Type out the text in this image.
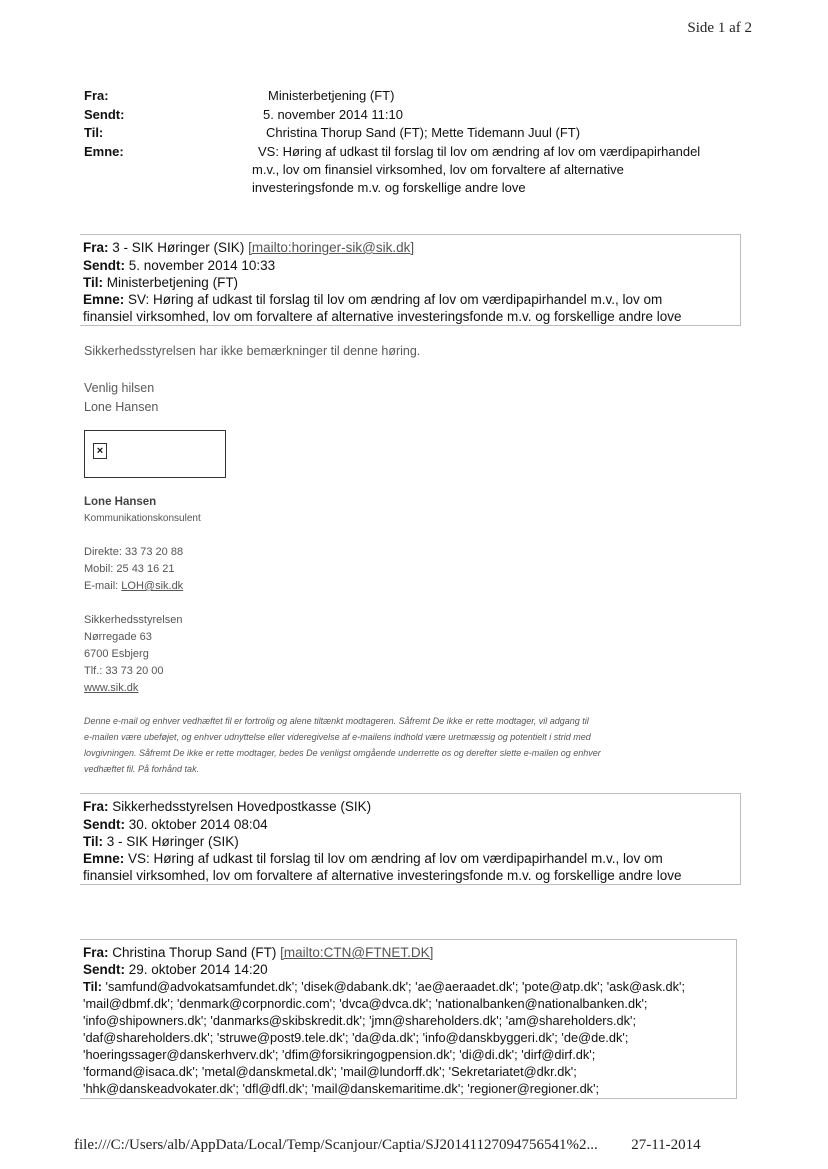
Side 1 af 2
Fra:	Ministerbetjening (FT)
Sendt:	5. november 2014 11:10
Til:	Christina Thorup Sand (FT); Mette Tidemann Juul (FT)
Emne:	VS: Høring af udkast til forslag til lov om ændring af lov om værdipapirhandel
m.v., lov om finansiel virksomhed, lov om forvaltere af alternative
investeringsfonde m.v. og forskellige andre love
Fra: 3 - SIK Høringer (SIK) [mailto:horinger-sik@sik.dk]
Sendt: 5. november 2014 10:33
Til: Ministerbetjening (FT)
Emne: SV: Høring af udkast til forslag til lov om ændring af lov om værdipapirhandel m.v., lov om
finansiel virksomhed, lov om forvaltere af alternative investeringsfonde m.v. og forskellige andre love
Sikkerhedsstyrelsen har ikke bemærkninger til denne høring.
Venlig hilsen
Lone Hansen
×
Lone Hansen
Kommunikationskonsulent
Direkte: 33 73 20 88
Mobil: 25 43 16 21
E-mail: LOH@sik.dk
Sikkerhedsstyrelsen
Nørregade 63
6700 Esbjerg
Tlf.: 33 73 20 00
www.sik.dk
Denne e-mail og enhver vedhæftet fil er fortrolig og alene tiltænkt modtageren. Såfremt De ikke er rette modtager, vil adgang til
e-mailen være ubeføjet, og enhver udnyttelse eller videregivelse af e-mailens indhold være uretmæssig og potentielt i strid med
lovgivningen. Såfremt De ikke er rette modtager, bedes De venligst omgående underrette os og derefter slette e-mailen og enhver
vedhæftet fil. På forhånd tak.
Fra: Sikkerhedsstyrelsen Hovedpostkasse (SIK)
Sendt: 30. oktober 2014 08:04
Til: 3 - SIK Høringer (SIK)
Emne: VS: Høring af udkast til forslag til lov om ændring af lov om værdipapirhandel m.v., lov om
finansiel virksomhed, lov om forvaltere af alternative investeringsfonde m.v. og forskellige andre love
Fra: Christina Thorup Sand (FT) [mailto:CTN@FTNET.DK]
Sendt: 29. oktober 2014 14:20
Til: 'samfund@advokatsamfundet.dk'; 'disek@dabank.dk'; 'ae@aeraadet.dk'; 'pote@atp.dk'; 'ask@ask.dk';
'mail@dbmf.dk'; 'denmark@corpnordic.com'; 'dvca@dvca.dk'; 'nationalbanken@nationalbanken.dk';
'info@shipowners.dk'; 'danmarks@skibskredit.dk'; 'jmn@shareholders.dk'; 'am@shareholders.dk';
'daf@shareholders.dk'; 'struwe@post9.tele.dk'; 'da@da.dk'; 'info@danskbyggeri.dk'; 'de@de.dk';
'hoeringssager@danskerhverv.dk'; 'dfim@forsikringogpension.dk'; 'di@di.dk'; 'dirf@dirf.dk';
'formand@isaca.dk'; 'metal@danskmetal.dk'; 'mail@lundorff.dk'; 'Sekretariatet@dkr.dk';
'hhk@danskeadvokater.dk'; 'dfl@dfl.dk'; 'mail@danskemaritime.dk'; 'regioner@regioner.dk';
file:///C:/Users/alb/AppData/Local/Temp/Scanjour/Captia/SJ20141127094756541%2... 27-11-2014
